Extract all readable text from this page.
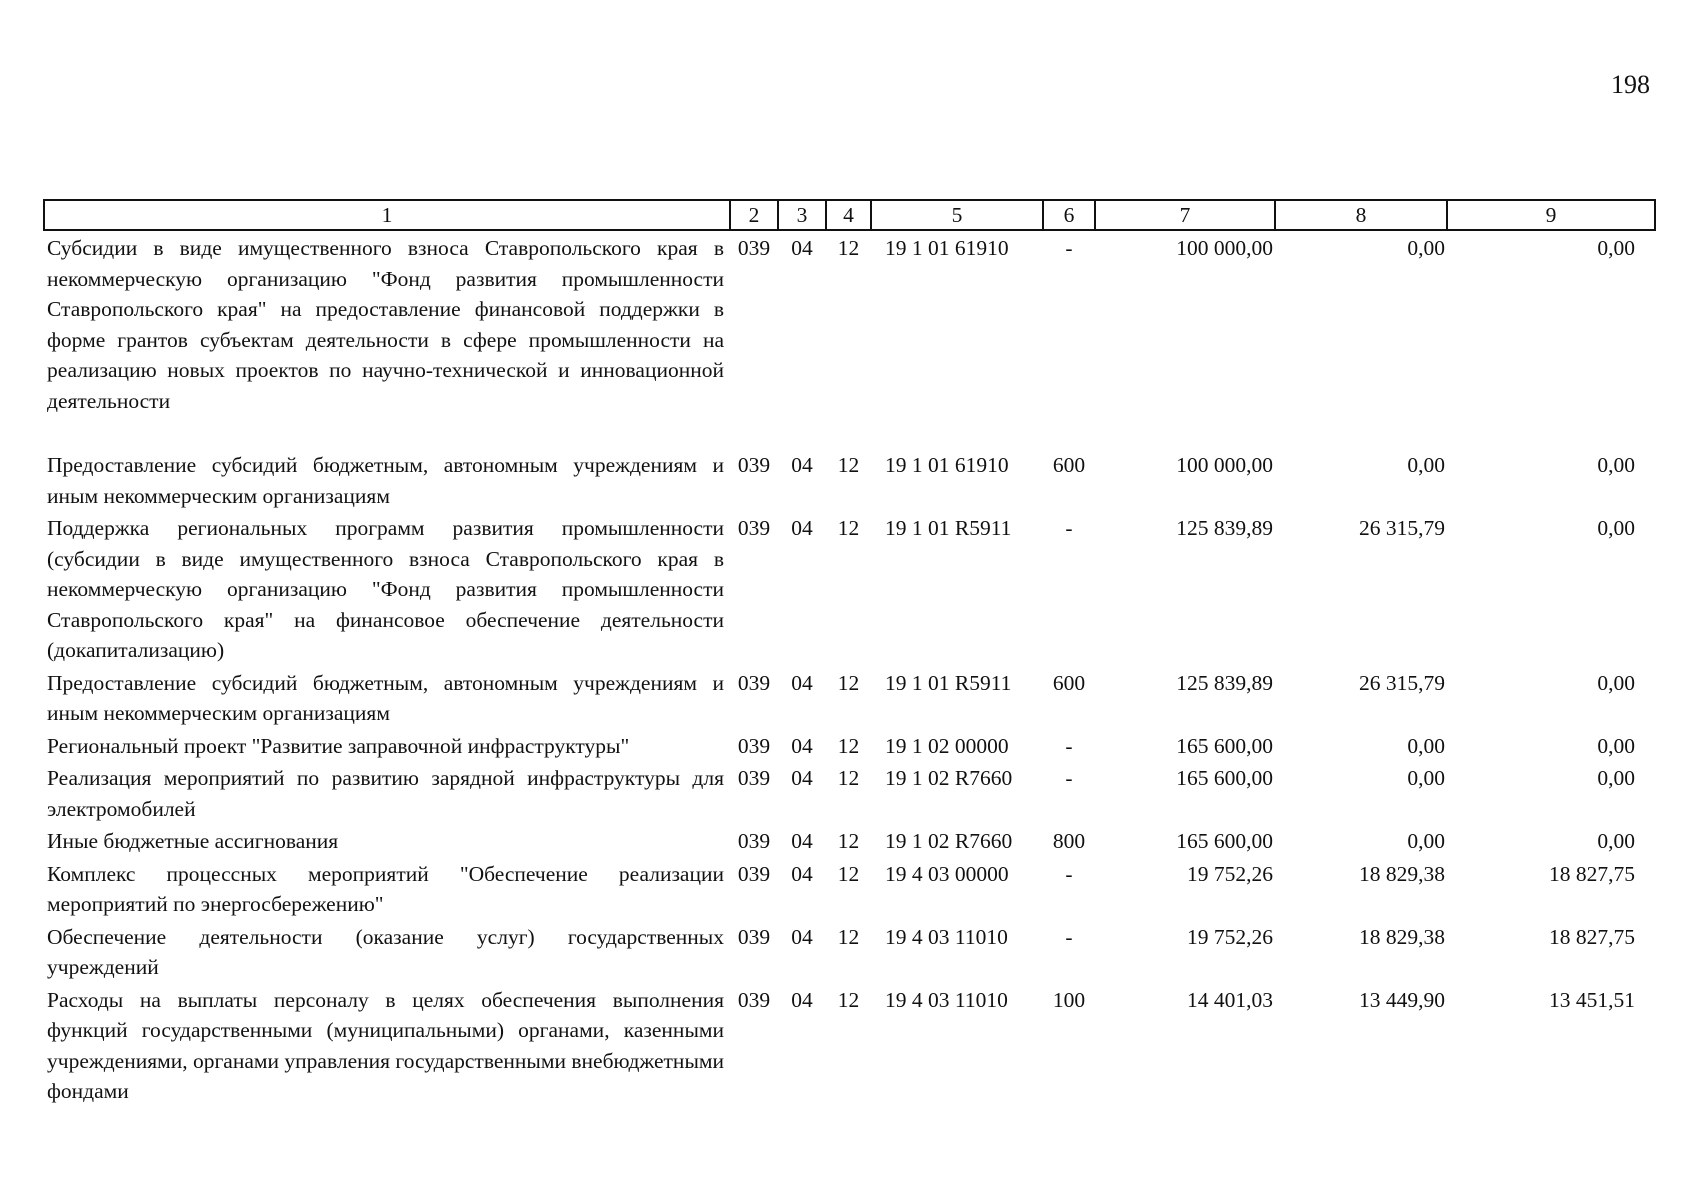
198
1	2	3	4	5	6	7	8	9
Субсидии в виде имущественного взноса Ставропольского края в некоммерческую организацию "Фонд развития промышленности Ставропольского края" на предоставление финансовой поддержки в форме грантов субъектам деятельности в сфере промышленности на реализацию новых проектов по научно-технической и инновационной деятельности	039	04	12	19 1 01 61910	-	100 000,00	0,00	0,00

Предоставление субсидий бюджетным, автономным учреждениям и иным некоммерческим организациям	039	04	12	19 1 01 61910	600	100 000,00	0,00	0,00
Поддержка региональных программ развития промышленности (субсидии в виде имущественного взноса Ставропольского края в некоммерческую организацию "Фонд развития промышленности Ставропольского края" на финансовое обеспечение деятельности (докапитализацию)	039	04	12	19 1 01 R5911	-	125 839,89	26 315,79	0,00
Предоставление субсидий бюджетным, автономным учреждениям и иным некоммерческим организациям	039	04	12	19 1 01 R5911	600	125 839,89	26 315,79	0,00
Региональный проект "Развитие заправочной инфраструктуры"	039	04	12	19 1 02 00000	-	165 600,00	0,00	0,00
Реализация мероприятий по развитию зарядной инфраструктуры для электромобилей	039	04	12	19 1 02 R7660	-	165 600,00	0,00	0,00
Иные бюджетные ассигнования	039	04	12	19 1 02 R7660	800	165 600,00	0,00	0,00
Комплекс процессных мероприятий "Обеспечение реализации мероприятий по энергосбережению"	039	04	12	19 4 03 00000	-	19 752,26	18 829,38	18 827,75
Обеспечение деятельности (оказание услуг) государственных учреждений	039	04	12	19 4 03 11010	-	19 752,26	18 829,38	18 827,75
Расходы на выплаты персоналу в целях обеспечения выполнения функций государственными (муниципальными) органами, казенными учреждениями, органами управления государственными внебюджетными фондами	039	04	12	19 4 03 11010	100	14 401,03	13 449,90	13 451,51
